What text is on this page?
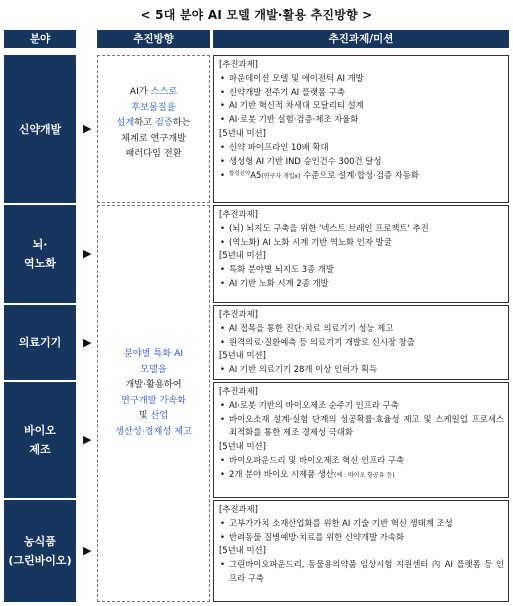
< 5대 분야 AI 모델 개발·활용 추진방향 >
분야	추진방향	추진과제/미션
신약개발
뇌·
역노화
의료기기
바이오
제조
농식품
(그린바이오)
▶
▶
▶
▶
▶
AI가 스스로
후보물질을
설계하고 검증하는
체계로 연구개발
패러다임 전환
분야별 특화 AI
모델을
개발·활용하여
연구개발 가속화
및 산업
생산성·경제성 제고
[추진과제]
• 파운데이션 모델 및 에이전틱 AI 개발
• 신약개발 전주기 AI 플랫폼 구축
• AI 기반 혁신적 차세대 모달리티 설계
• AI·로봇 기반 실험·검증·제조 자율화
[5년내 미션]
• 신약 파이프라인 10배 확대
• 생성형 AI 기반 IND 승인건수 300건 달성
• $^{합성신약}$A5(연구자 개입x) 수준으로 설계·합성·검증 자동화
[추진과제]
• (뇌) 뇌지도 구축을 위한 '넥스트 브레인 프로젝트' 추진
• (역노화) AI 노화 시계 기반 역노화 인자 발굴
[5년내 미션]
• 특화 분야별 뇌지도 3종 개발
• AI 기반 노화 시계 2종 개발
[추진과제]
• AI 접목을 통한 진단·치료 의료기기 성능 제고
• 원격의료·질환예측 등 의료기기 개발로 신시장 창출
[5년내 미션]
• AI 기반 의료기기 28개 이상 인허가 획득
[추진과제]
• AI·로봇 기반의 바이오제조 순주기 인프라 구축
• 바이오소재 설계·실험 단계의 성공확률·효율성 제고 및 스케일업 프로세스 최적화를 통한 제조 경제성 극대화
[5년내 미션]
• 바이오파운드리 및 바이오제조 혁신 인프라 구축
• 2개 분야 바이오 시제품 생산(예 : 바이오 항공유 등)
[추진과제]
• 고부가가치 소재산업화를 위한 AI 기술 기반 혁신 생태계 조성
• 반려동물 질병예방·치료를 위한 신약개발 가속화
[5년내 미션]
• 그린바이오파운드리, 동물용의약품 임상시험 지원센터 內 AI 플랫폼 등 인프라 구축
